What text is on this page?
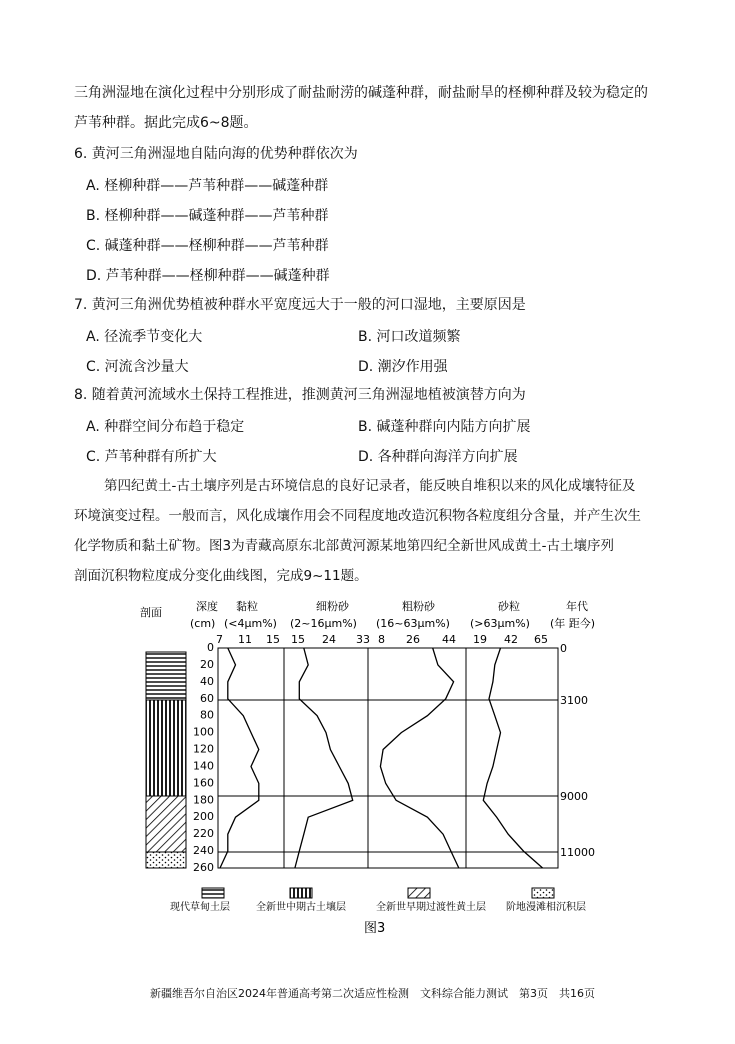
三角洲湿地在演化过程中分别形成了耐盐耐涝的碱蓬种群，耐盐耐旱的柽柳种群及较为稳定的
芦苇种群。据此完成6~8题。
6. 黄河三角洲湿地自陆向海的优势种群依次为
A. 柽柳种群——芦苇种群——碱蓬种群
B. 柽柳种群——碱蓬种群——芦苇种群
C. 碱蓬种群——柽柳种群——芦苇种群
D. 芦苇种群——柽柳种群——碱蓬种群
7. 黄河三角洲优势植被种群水平宽度远大于一般的河口湿地，主要原因是
A. 径流季节变化大	B. 河口改道频繁
C. 河流含沙量大	D. 潮汐作用强
8. 随着黄河流域水土保持工程推进，推测黄河三角洲湿地植被演替方向为
A. 种群空间分布趋于稳定	B. 碱蓬种群向内陆方向扩展
C. 芦苇种群有所扩大	D. 各种群向海洋方向扩展
第四纪黄土-古土壤序列是古环境信息的良好记录者，能反映自堆积以来的风化成壤特征及
环境演变过程。一般而言，风化成壤作用会不同程度地改造沉积物各粒度组分含量，并产生次生
化学物质和黏土矿物。图3为青藏高原东北部黄河源某地第四纪全新世风成黄土-古土壤序列
剖面沉积物粒度成分变化曲线图，完成9~11题。
剖面	深度
(cm)
黏粒
(<4μm%)
细粉砂
(2~16μm%)
粗粉砂
(16~63μm%)
砂粒
(>63μm%)
年代
(年 距今)
7 11 15 15 24 33 8 26 44 19 42 65
0
20
40
60
80
100
120
140
160
180
200
220
240
260
0
3100
9000
11000
现代草甸土层	全新世中期古土壤层	全新世早期过渡性黄土层 阶地漫滩相沉积层
图3
新疆维吾尔自治区2024年普通高考第二次适应性检测　文科综合能力测试　第3页　共16页
